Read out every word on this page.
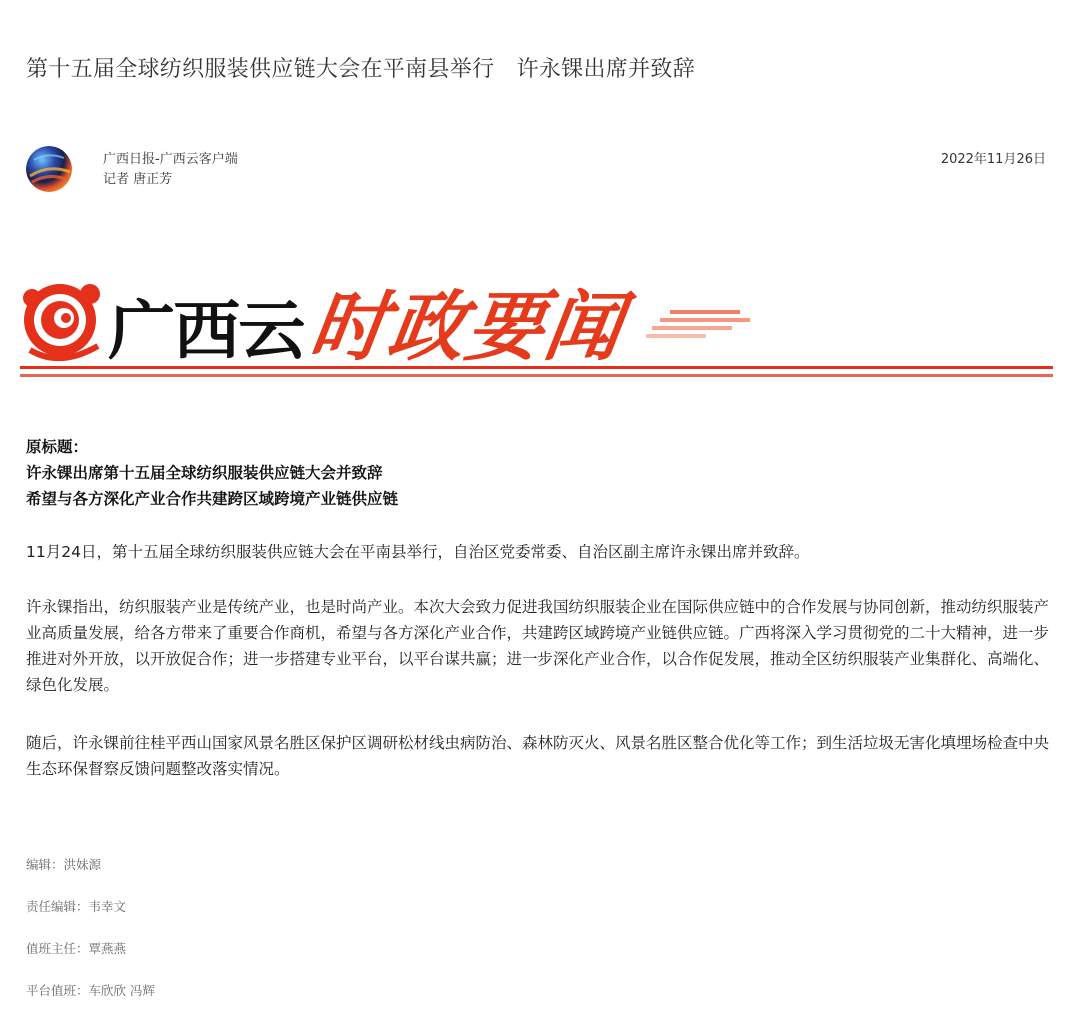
第十五届全球纺织服装供应链大会在平南县举行　许永锞出席并致辞
广西日报-广西云客户端
记者 唐正芳
2022年11月26日
广西云 时政要闻
原标题：
许永锞出席第十五届全球纺织服装供应链大会并致辞
希望与各方深化产业合作共建跨区域跨境产业链供应链

11月24日，第十五届全球纺织服装供应链大会在平南县举行，自治区党委常委、自治区副主席许永锞出席并致辞。

许永锞指出，纺织服装产业是传统产业，也是时尚产业。本次大会致力促进我国纺织服装企业在国际供应链中的合作发展与协同创新，推动纺织服装产业高质量发展，给各方带来了重要合作商机，希望与各方深化产业合作，共建跨区域跨境产业链供应链。广西将深入学习贯彻党的二十大精神，进一步推进对外开放，以开放促合作；进一步搭建专业平台，以平台谋共赢；进一步深化产业合作，以合作促发展，推动全区纺织服装产业集群化、高端化、绿色化发展。

随后，许永锞前往桂平西山国家风景名胜区保护区调研松材线虫病防治、森林防灭火、风景名胜区整合优化等工作；到生活垃圾无害化填埋场检查中央生态环保督察反馈问题整改落实情况。

编辑：洪妹源
责任编辑：韦幸文
值班主任：覃燕燕
平台值班：车欣欣 冯辉
